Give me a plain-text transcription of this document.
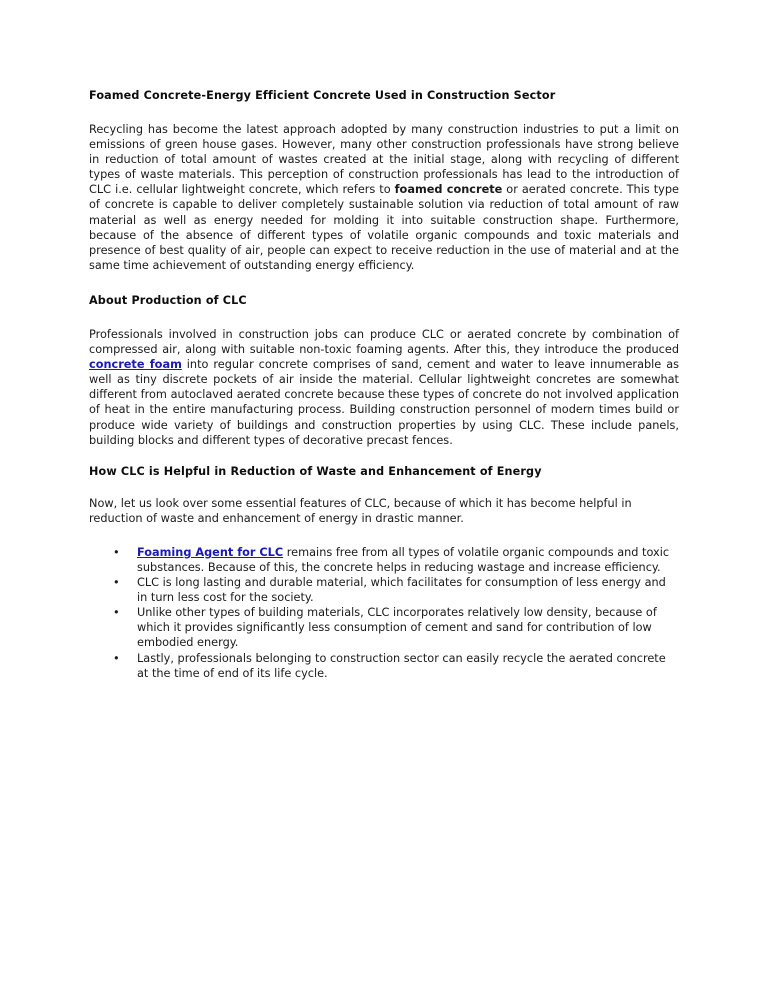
Foamed Concrete-Energy Efficient Concrete Used in Construction Sector

Recycling has become the latest approach adopted by many construction industries to put a limit on emissions of green house gases. However, many other construction professionals have strong believe in reduction of total amount of wastes created at the initial stage, along with recycling of different types of waste materials. This perception of construction professionals has lead to the introduction of CLC i.e. cellular lightweight concrete, which refers to foamed concrete or aerated concrete. This type of concrete is capable to deliver completely sustainable solution via reduction of total amount of raw material as well as energy needed for molding it into suitable construction shape. Furthermore, because of the absence of different types of volatile organic compounds and toxic materials and presence of best quality of air, people can expect to receive reduction in the use of material and at the same time achievement of outstanding energy efficiency.

About Production of CLC

Professionals involved in construction jobs can produce CLC or aerated concrete by combination of compressed air, along with suitable non-toxic foaming agents. After this, they introduce the produced concrete foam into regular concrete comprises of sand, cement and water to leave innumerable as well as tiny discrete pockets of air inside the material. Cellular lightweight concretes are somewhat different from autoclaved aerated concrete because these types of concrete do not involved application of heat in the entire manufacturing process. Building construction personnel of modern times build or produce wide variety of buildings and construction properties by using CLC. These include panels, building blocks and different types of decorative precast fences.

How CLC is Helpful in Reduction of Waste and Enhancement of Energy

Now, let us look over some essential features of CLC, because of which it has become helpful in reduction of waste and enhancement of energy in drastic manner.

• Foaming Agent for CLC remains free from all types of volatile organic compounds and toxic substances. Because of this, the concrete helps in reducing wastage and increase efficiency.
• CLC is long lasting and durable material, which facilitates for consumption of less energy and in turn less cost for the society.
• Unlike other types of building materials, CLC incorporates relatively low density, because of which it provides significantly less consumption of cement and sand for contribution of low embodied energy.
• Lastly, professionals belonging to construction sector can easily recycle the aerated concrete at the time of end of its life cycle.
